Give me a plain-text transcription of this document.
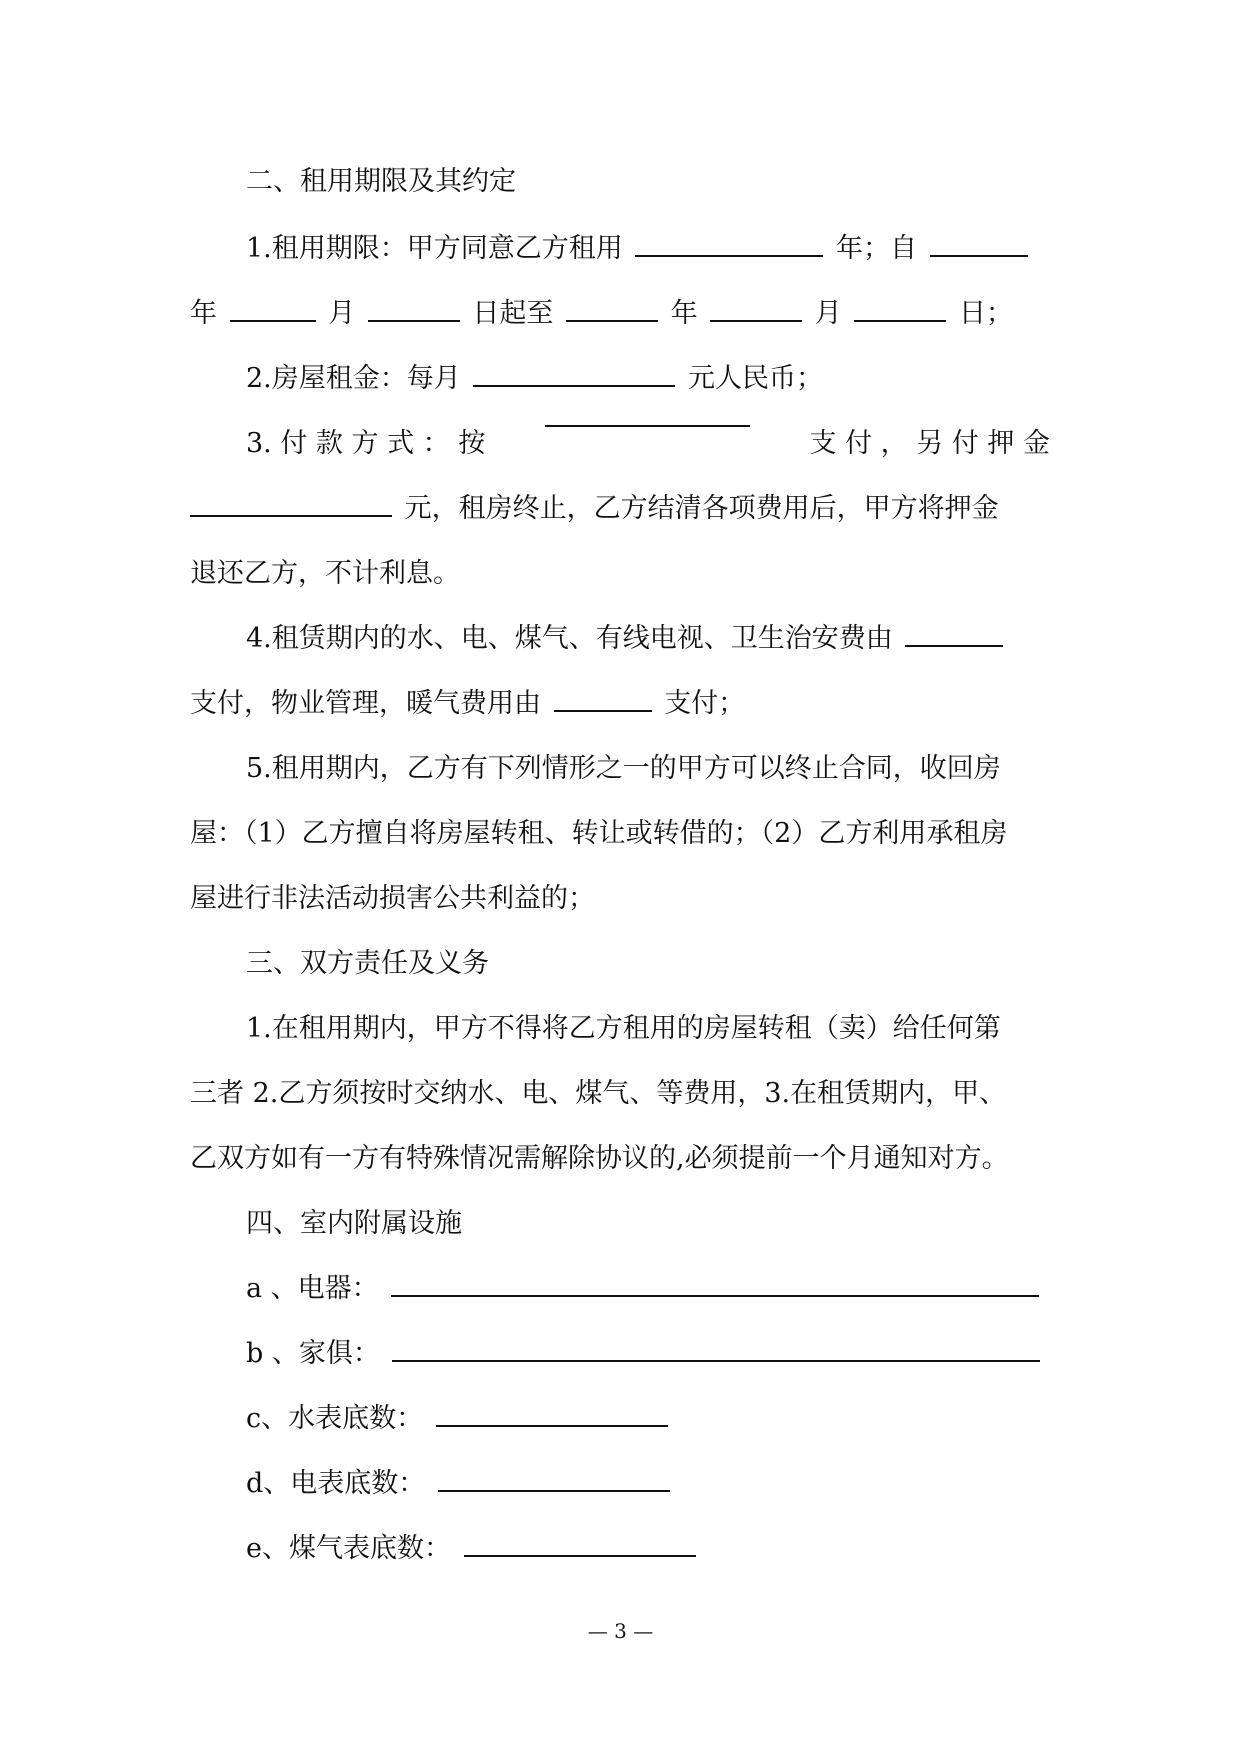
二、租用期限及其约定
1.租用期限：甲方同意乙方租用	年；自
年	月	日起至	年	月	日；
2.房屋租金：每月	元人民币；
3. 付 款 方 式 ： 按	支 付 ， 另 付 押 金
元，租房终止，乙方结清各项费用后，甲方将押金
退还乙方，不计利息。
4.租赁期内的水、电、煤气、有线电视、卫生治安费由
支付，物业管理，暖气费用由	支付；
5.租用期内，乙方有下列情形之一的甲方可以终止合同，收回房
屋：（1）乙方擅自将房屋转租、转让或转借的；（2）乙方利用承租房
屋进行非法活动损害公共利益的；
三、双方责任及义务
1.在租用期内，甲方不得将乙方租用的房屋转租（卖）给任何第
三者 2.乙方须按时交纳水、电、煤气、等费用，3.在租赁期内，甲、
乙双方如有一方有特殊情况需解除协议的,必须提前一个月通知对方。
四、室内附属设施
a 、电器：
b 、家俱：
c、水表底数：
d、电表底数：
e、煤气表底数：
— 3 —
